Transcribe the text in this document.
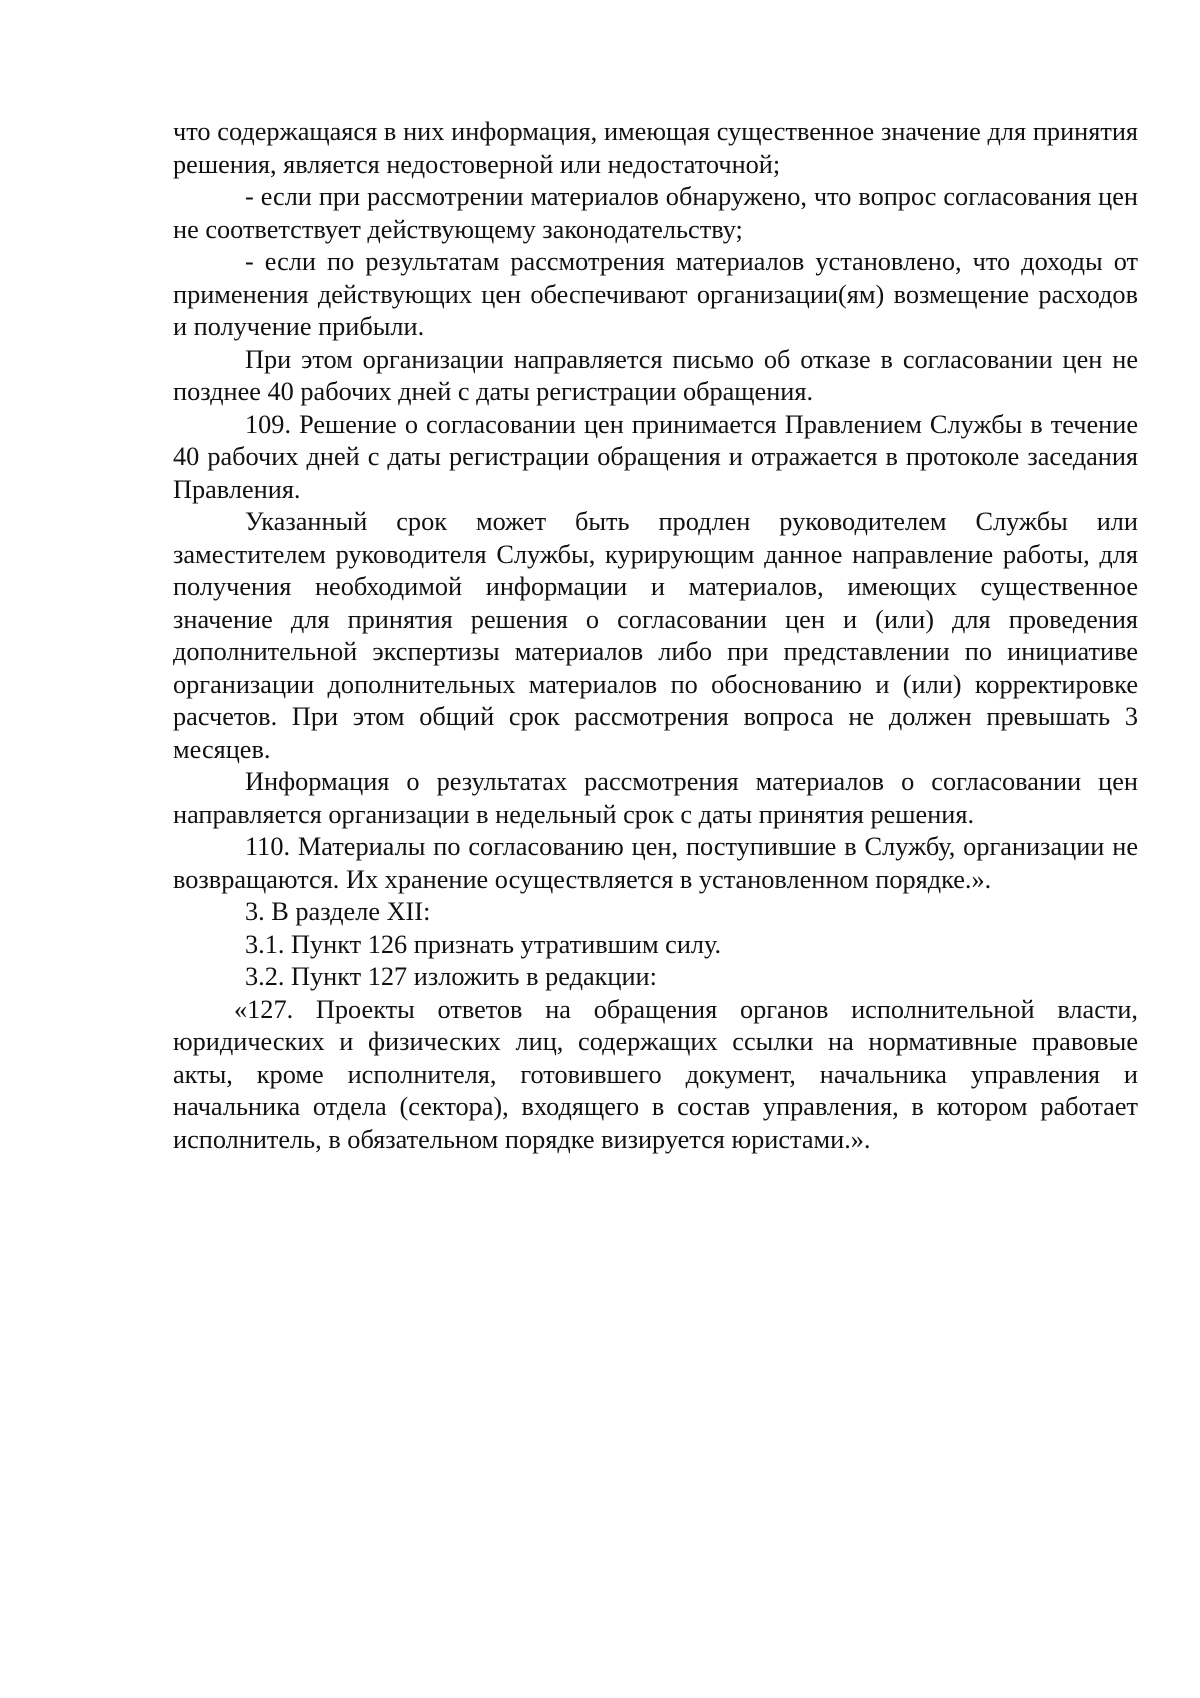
что содержащаяся в них информация, имеющая существенное значение для принятия решения, является недостоверной или недостаточной;

- если при рассмотрении материалов обнаружено, что вопрос согласования цен не соответствует действующему законодательству;

- если по результатам рассмотрения материалов установлено, что доходы от применения действующих цен обеспечивают организации(ям) возмещение расходов и получение прибыли.

При этом организации направляется письмо об отказе в согласовании цен не позднее 40 рабочих дней с даты регистрации обращения.

109. Решение о согласовании цен принимается Правлением Службы в течение 40 рабочих дней с даты регистрации обращения и отражается в протоколе заседания Правления.

Указанный срок может быть продлен руководителем Службы или заместителем руководителя Службы, курирующим данное направление работы, для получения необходимой информации и материалов, имеющих существенное значение для принятия решения о согласовании цен и (или) для проведения дополнительной экспертизы материалов либо при представлении по инициативе организации дополнительных материалов по обоснованию и (или) корректировке расчетов. При этом общий срок рассмотрения вопроса не должен превышать 3 месяцев.

Информация о результатах рассмотрения материалов о согласовании цен направляется организации в недельный срок с даты принятия решения.

110. Материалы по согласованию цен, поступившие в Службу, организации не возвращаются. Их хранение осуществляется в установленном порядке.».

3. В разделе XII:

3.1. Пункт 126 признать утратившим силу.

3.2. Пункт 127 изложить в редакции:

«127. Проекты ответов на обращения органов исполнительной власти, юридических и физических лиц, содержащих ссылки на нормативные правовые акты, кроме исполнителя, готовившего документ, начальника управления и начальника отдела (сектора), входящего в состав управления, в котором работает исполнитель, в обязательном порядке визируется юристами.».
